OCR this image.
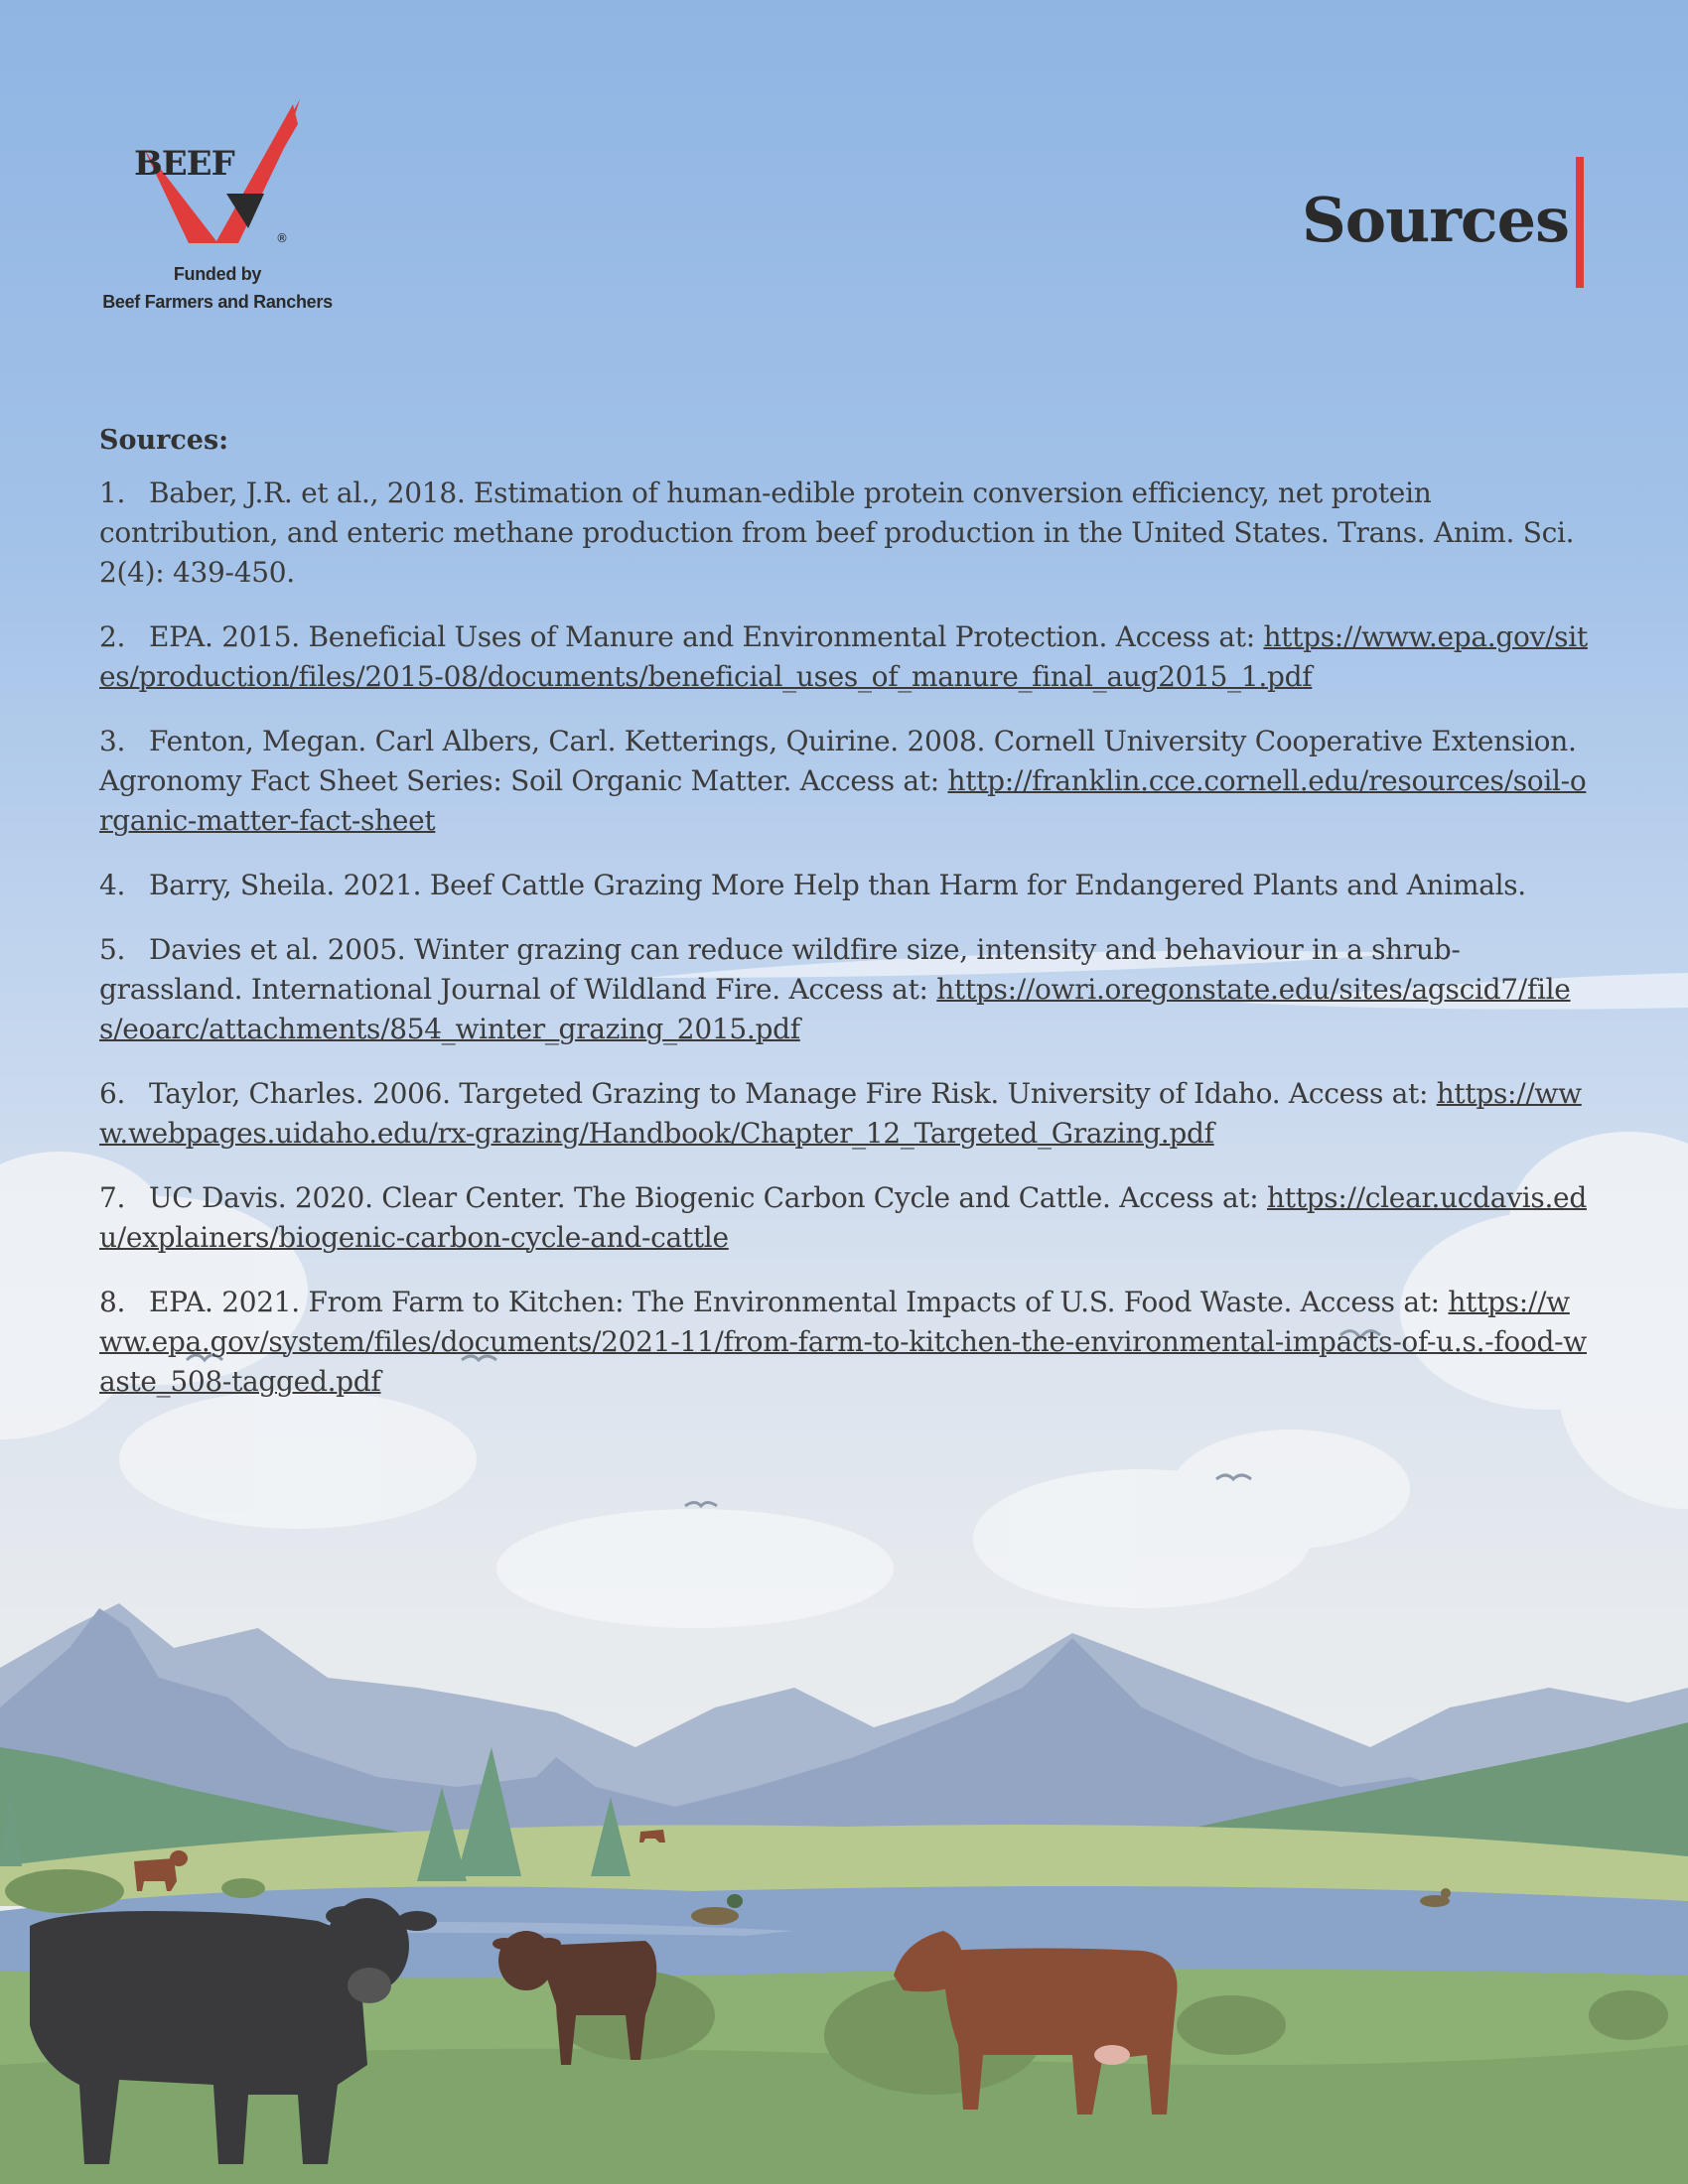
BEEF
®
Funded by
Beef Farmers and Ranchers
Sources
Sources:

1. Baber, J.R. et al., 2018. Estimation of human-edible protein conversion efficiency, net protein contribution, and enteric methane production from beef production in the United States. Trans. Anim. Sci. 2(4): 439-450.

2. EPA. 2015. Beneficial Uses of Manure and Environmental Protection. Access at: https://www.epa.gov/sites/production/files/2015-08/documents/beneficial_uses_of_manure_final_aug2015_1.pdf

3. Fenton, Megan. Carl Albers, Carl. Ketterings, Quirine. 2008. Cornell University Cooperative Extension. Agronomy Fact Sheet Series: Soil Organic Matter. Access at: http://franklin.cce.cornell.edu/resources/soil-organic-matter-fact-sheet

4. Barry, Sheila. 2021. Beef Cattle Grazing More Help than Harm for Endangered Plants and Animals.

5. Davies et al. 2005. Winter grazing can reduce wildfire size, intensity and behaviour in a shrub-grassland. International Journal of Wildland Fire. Access at: https://owri.oregonstate.edu/sites/agscid7/files/eoarc/attachments/854_winter_grazing_2015.pdf

6. Taylor, Charles. 2006. Targeted Grazing to Manage Fire Risk. University of Idaho. Access at: https://www.webpages.uidaho.edu/rx-grazing/Handbook/Chapter_12_Targeted_Grazing.pdf

7. UC Davis. 2020. Clear Center. The Biogenic Carbon Cycle and Cattle. Access at: https://clear.ucdavis.edu/explainers/biogenic-carbon-cycle-and-cattle

8. EPA. 2021. From Farm to Kitchen: The Environmental Impacts of U.S. Food Waste. Access at: https://www.epa.gov/system/files/documents/2021-11/from-farm-to-kitchen-the-environmental-impacts-of-u.s.-food-waste_508-tagged.pdf
